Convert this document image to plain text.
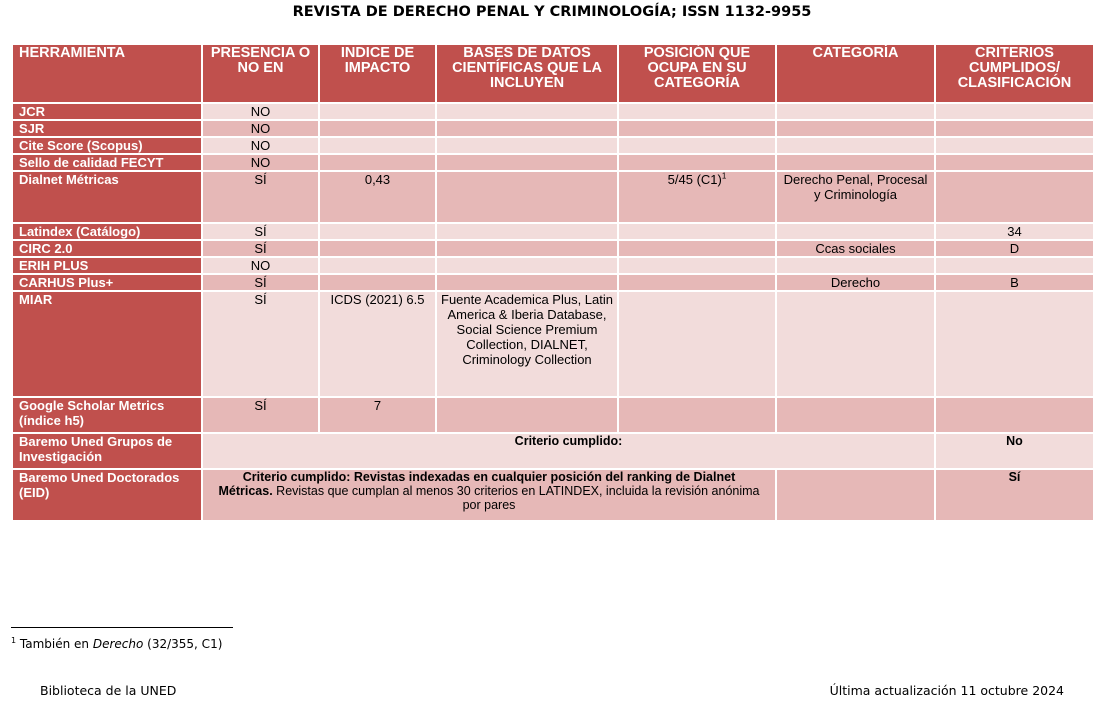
REVISTA DE DERECHO PENAL Y CRIMINOLOGÍA; ISSN 1132-9955
HERRAMIENTA	PRESENCIA O NO EN	INDICE DE IMPACTO	BASES DE DATOS CIENTÍFICAS QUE LA INCLUYEN	POSICIÓN QUE OCUPA EN SU CATEGORÍA	CATEGORÍA	CRITERIOS CUMPLIDOS/ CLASIFICACIÓN
JCR	NO					
SJR	NO					
Cite Score (Scopus)	NO					
Sello de calidad FECYT	NO					
Dialnet Métricas	SÍ	0,43		5/45 $(C1)^1$	Derecho Penal, Procesal y Criminología	
Latindex (Catálogo)	SÍ					34
CIRC 2.0	SÍ				Ccas sociales	D
ERIH PLUS	NO					
CARHUS Plus+	SÍ				Derecho	B
MIAR	SÍ	ICDS (2021) 6.5	Fuente Academica Plus, Latin America & Iberia Database, Social Science Premium Collection, DIALNET, Criminology Collection			
Google Scholar Metrics (índice h5)	SÍ	7				
Baremo Uned Grupos de Investigación	Criterio cumplido:					No
Baremo Uned Doctorados (EID)	Criterio cumplido: Revistas indexadas en cualquier posición del ranking de Dialnet Métricas. Revistas que cumplan al menos 30 criterios en LATINDEX, incluida la revisión anónima por pares					Sí
$^1$ También en Derecho (32/355, C1)
Biblioteca de la UNED	Última actualización 11 octubre 2024
